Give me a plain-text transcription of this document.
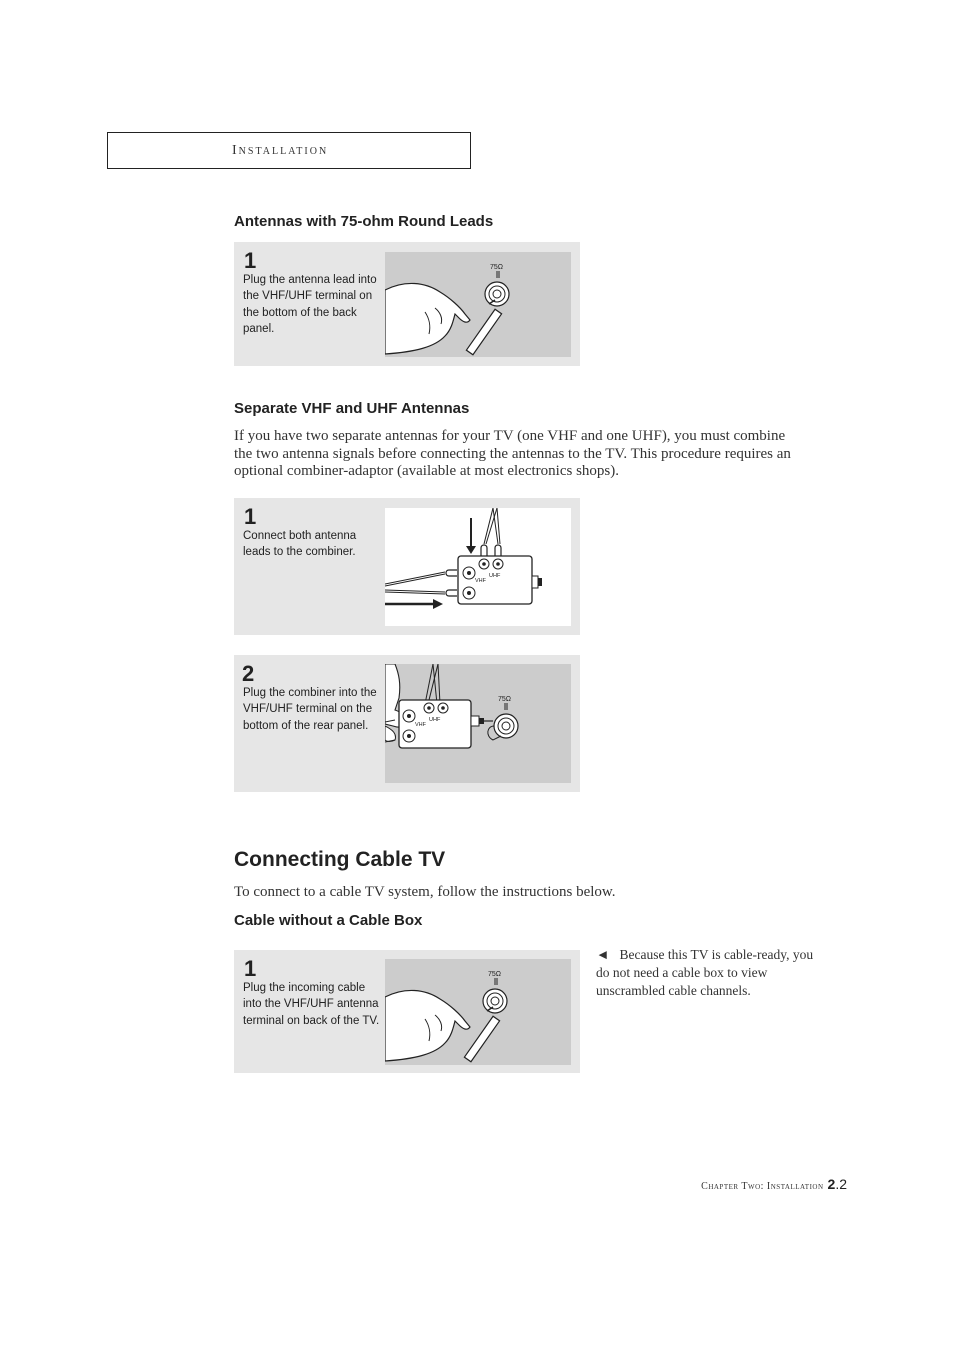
Installation
Antennas with 75-ohm Round Leads
1
Plug the antenna lead into the VHF/UHF terminal on the bottom of the back panel.
75Ω
Separate VHF and UHF Antennas
If you have two separate antennas for your TV (one VHF and one UHF), you must combine the two antenna signals before connecting the antennas to the TV. This procedure requires an optional combiner-adaptor (available at most electronics shops).
1
Connect both antenna leads to the combiner.
VHF
UHF
2
Plug the combiner into the VHF/UHF terminal on the bottom of the rear panel.	VHF
UHF
75Ω
Connecting Cable TV
To connect to a cable TV system, follow the instructions below.
Cable without a Cable Box
1
Plug the incoming cable into the VHF/UHF antenna terminal on back of the TV.
75Ω
◄ Because this TV is cable-ready, you do not need a cable box to view unscrambled cable channels.
Chapter Two: Installation 2.2
